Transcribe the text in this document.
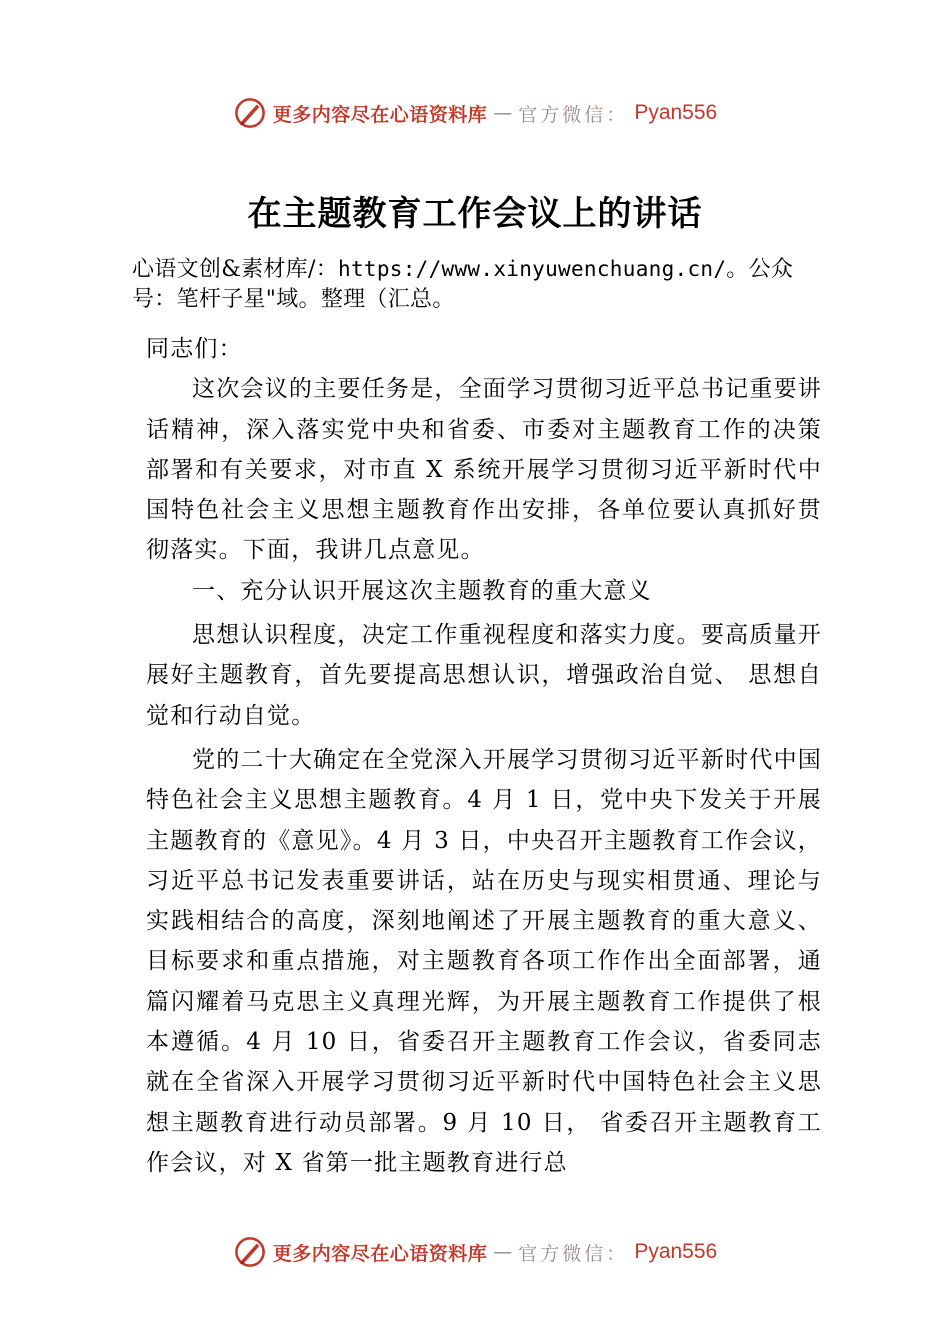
更多内容尽在心语资料库 — 官方微信： Pyan556
在主题教育工作会议上的讲话
心语文创&素材库/：https://www.xinyuwenchuang.cn/。公众号：笔杆子星"域。整理（汇总。

同志们：

这次会议的主要任务是，全面学习贯彻习近平总书记重要讲话精神，深入落实党中央和省委、市委对主题教育工作的决策部署和有关要求，对市直 X 系统开展学习贯彻习近平新时代中国特色社会主义思想主题教育作出安排，各单位要认真抓好贯彻落实。下面，我讲几点意见。

一、充分认识开展这次主题教育的重大意义

思想认识程度，决定工作重视程度和落实力度。要高质量开展好主题教育，首先要提高思想认识，增强政治自觉、 思想自觉和行动自觉。

党的二十大确定在全党深入开展学习贯彻习近平新时代中国特色社会主义思想主题教育。4 月 1 日，党中央下发关于开展主题教育的《意见》。4 月 3 日，中央召开主题教育工作会议，习近平总书记发表重要讲话，站在历史与现实相贯通、理论与实践相结合的高度，深刻地阐述了开展主题教育的重大意义、目标要求和重点措施，对主题教育各项工作作出全面部署，通篇闪耀着马克思主义真理光辉，为开展主题教育工作提供了根本遵循。4 月 10 日，省委召开主题教育工作会议，省委同志就在全省深入开展学习贯彻习近平新时代中国特色社会主义思想主题教育进行动员部署。9 月 10 日， 省委召开主题教育工作会议，对 X 省第一批主题教育进行总

更多内容尽在心语资料库 — 官方微信： Pyan556
